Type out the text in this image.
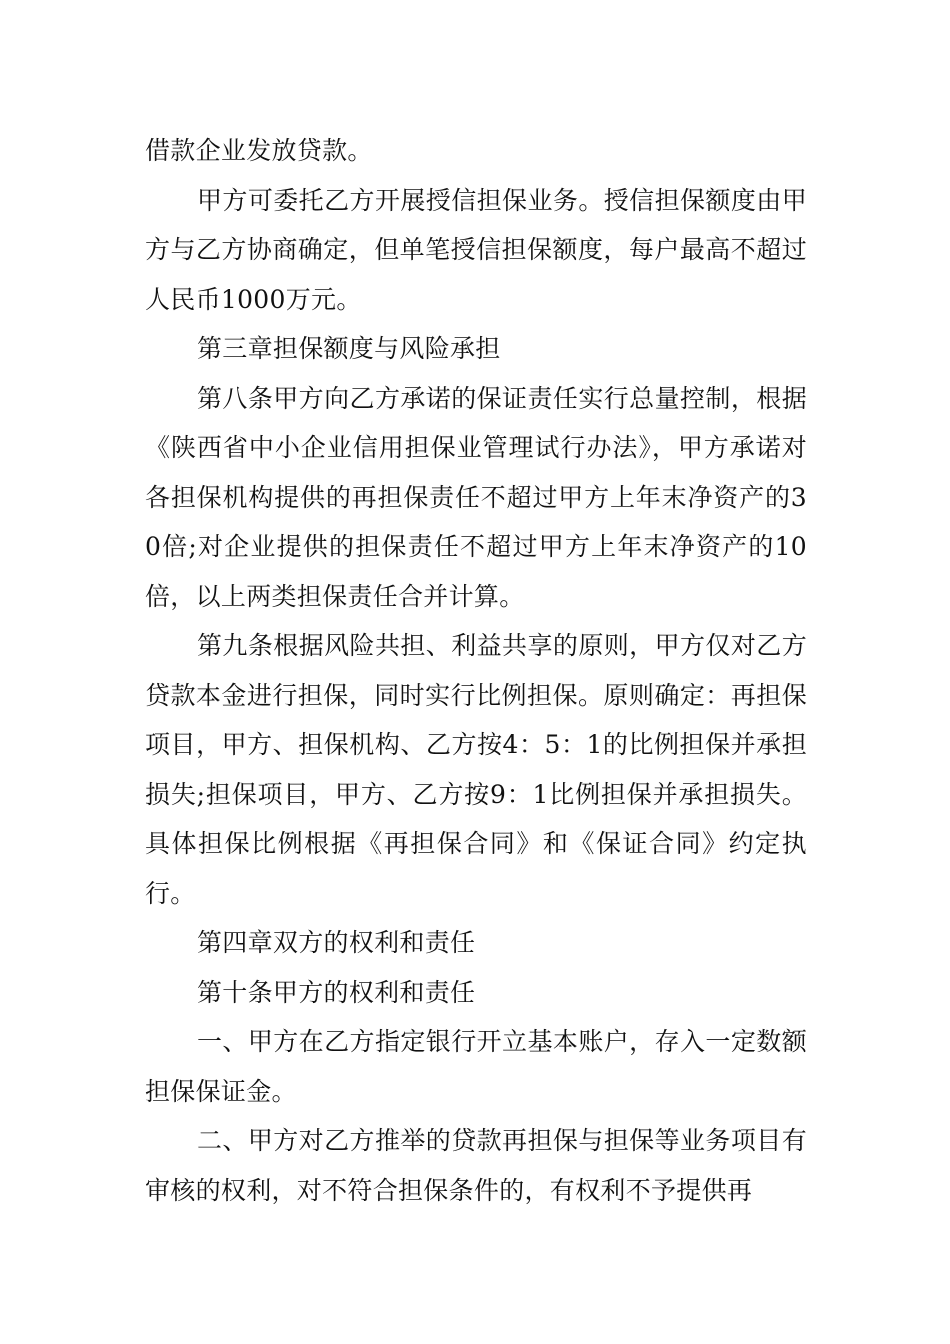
借款企业发放贷款。

甲方可委托乙方开展授信担保业务。授信担保额度由甲方与乙方协商确定，但单笔授信担保额度，每户最高不超过人民币1000万元。

第三章担保额度与风险承担

第八条甲方向乙方承诺的保证责任实行总量控制，根据《陕西省中小企业信用担保业管理试行办法》，甲方承诺对各担保机构提供的再担保责任不超过甲方上年末净资产的30倍;对企业提供的担保责任不超过甲方上年末净资产的10倍，以上两类担保责任合并计算。

第九条根据风险共担、利益共享的原则，甲方仅对乙方贷款本金进行担保，同时实行比例担保。原则确定：再担保项目，甲方、担保机构、乙方按4：5：1的比例担保并承担损失;担保项目，甲方、乙方按9：1比例担保并承担损失。具体担保比例根据《再担保合同》和《保证合同》约定执行。

第四章双方的权利和责任

第十条甲方的权利和责任

一、甲方在乙方指定银行开立基本账户，存入一定数额担保保证金。

二、甲方对乙方推举的贷款再担保与担保等业务项目有审核的权利，对不符合担保条件的，有权利不予提供再
